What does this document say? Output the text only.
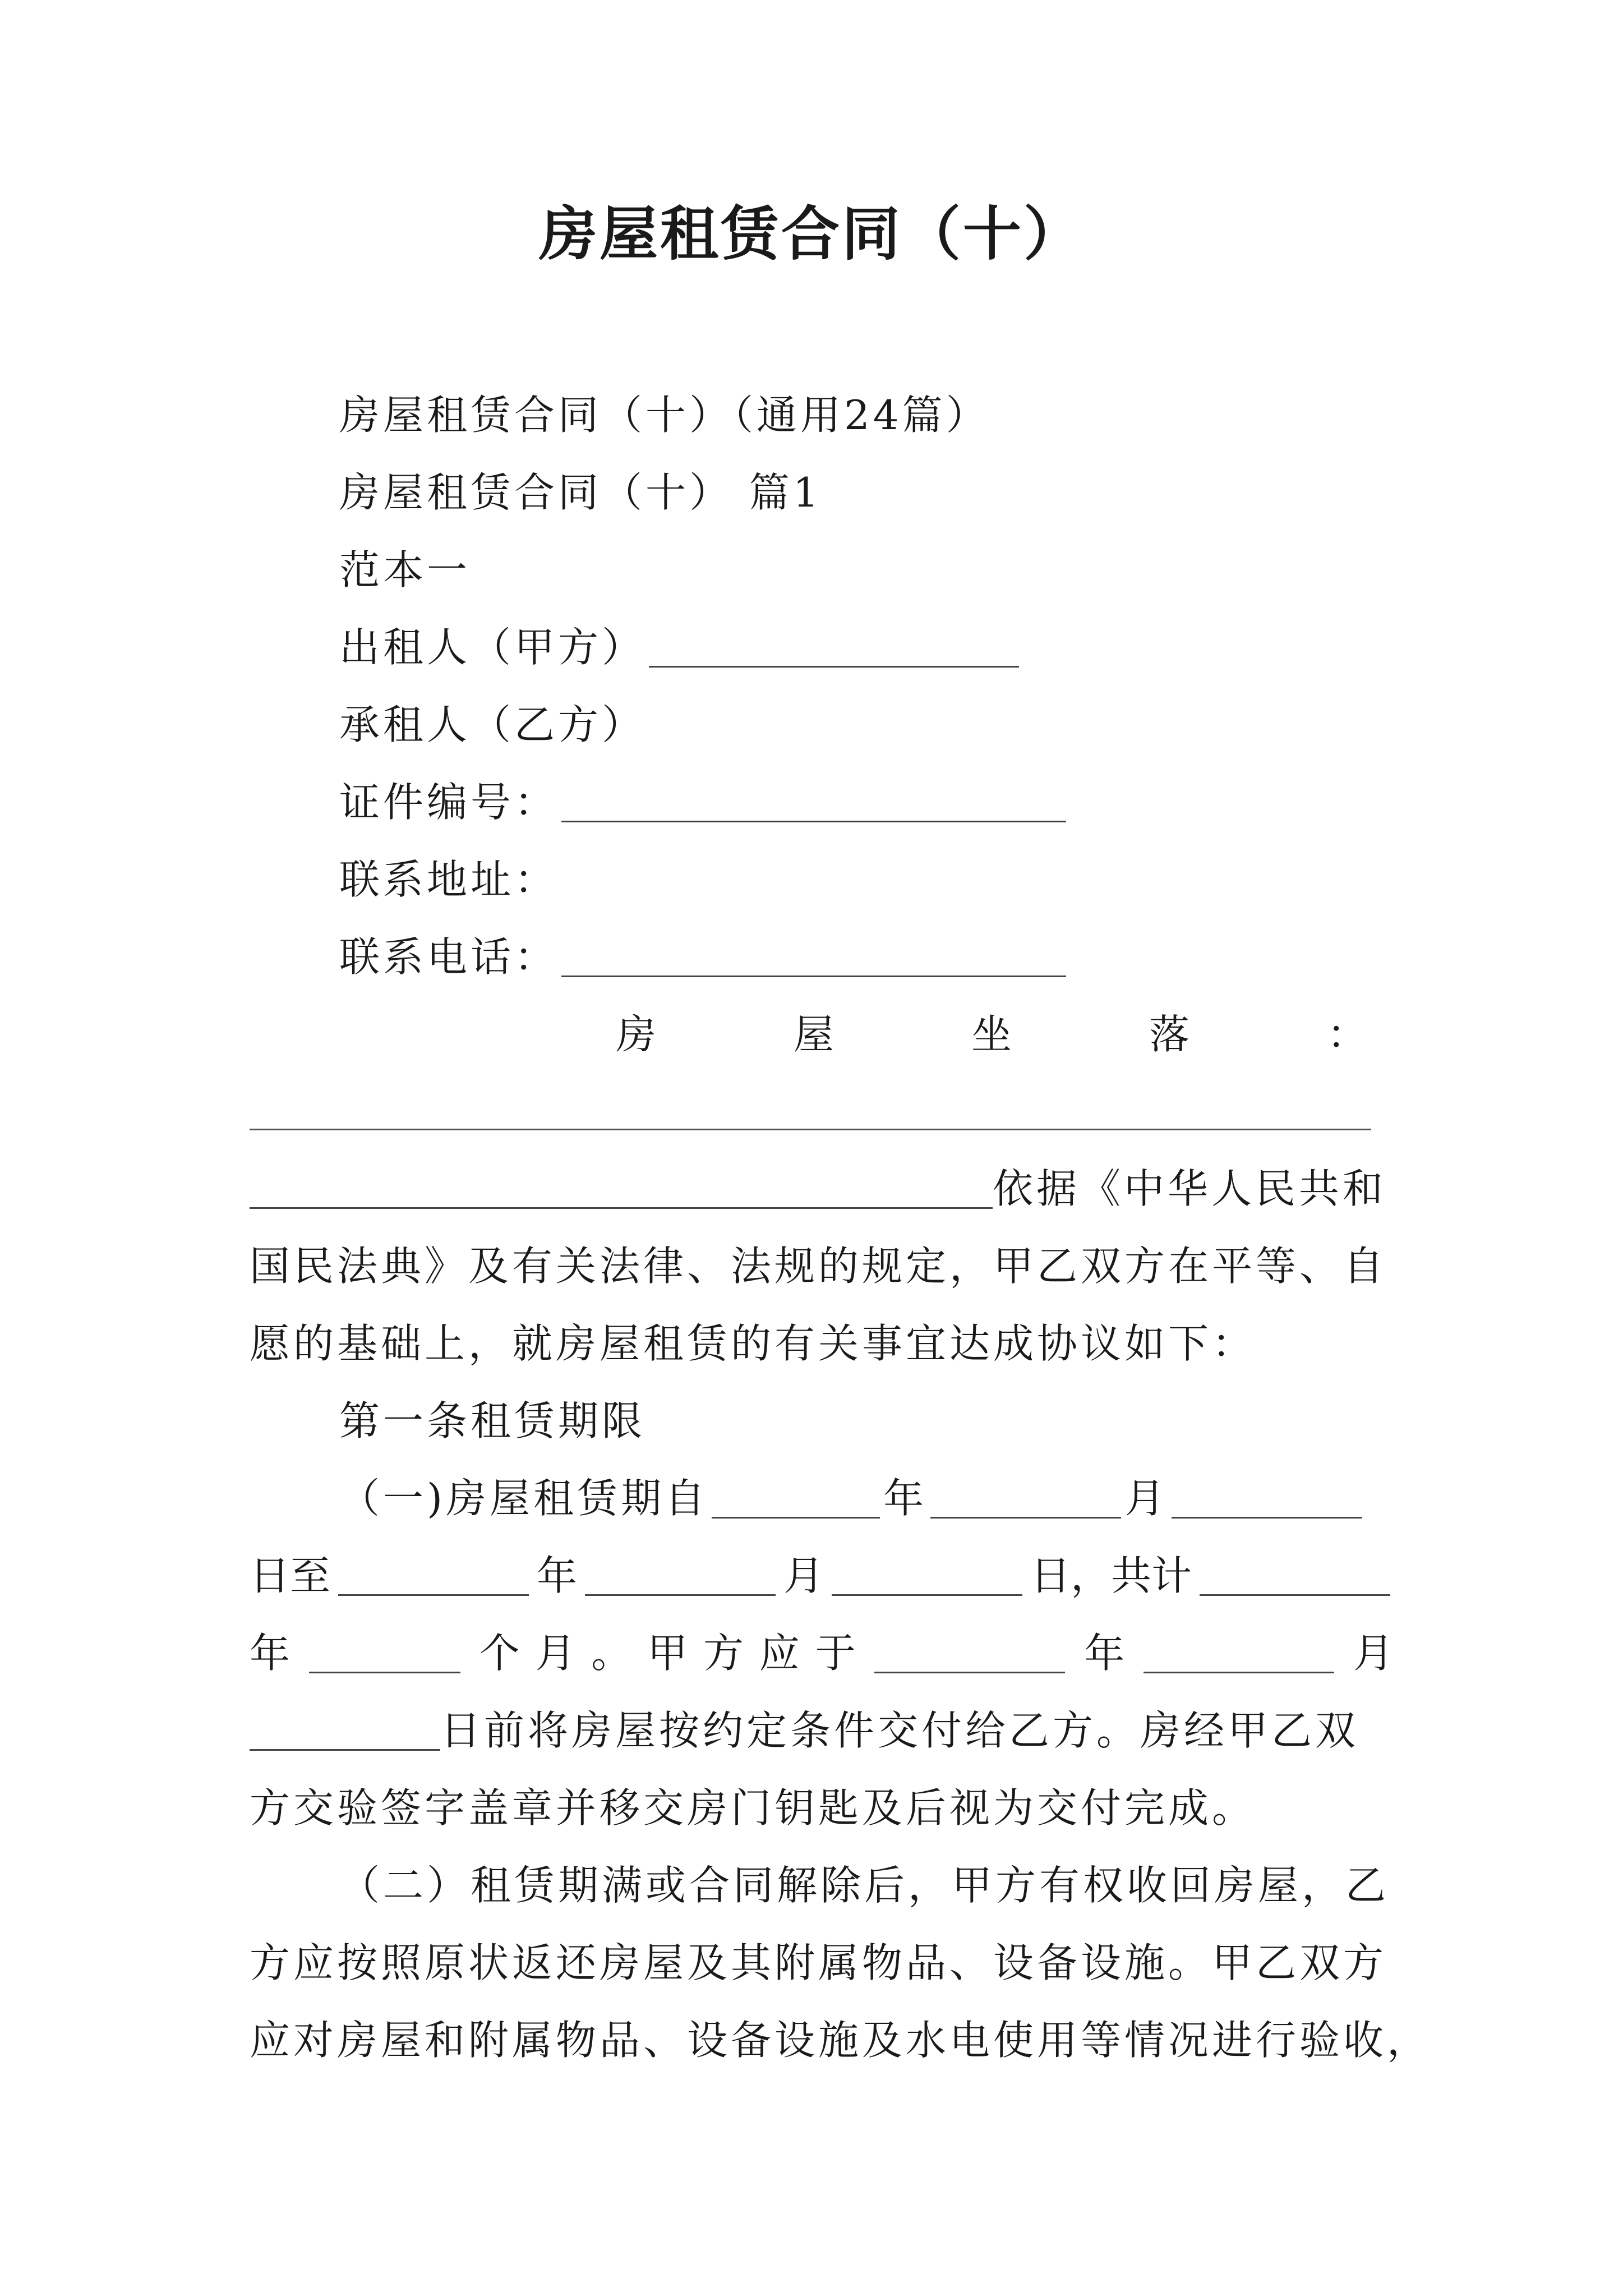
房屋租赁合同（十）
房屋租赁合同（十）（通用24篇）
房屋租赁合同（十） 篇1
范本一
出租人（甲方）
承租人（乙方）
证件编号：
联系地址：
联系电话：
房	屋	坐	落	：
依据《中华人民共和
国民法典》及有关法律、法规的规定，甲乙双方在平等、自
愿的基础上，就房屋租赁的有关事宜达成协议如下：
第一条租赁期限
（一)房屋租赁期自	年	月
日至	年	月	日，共计
年	个 月 。 甲 方 应 于	年	月
日前将房屋按约定条件交付给乙方。房经甲乙双
方交验签字盖章并移交房门钥匙及后视为交付完成。
（二）租赁期满或合同解除后，甲方有权收回房屋，乙
方应按照原状返还房屋及其附属物品、设备设施。甲乙双方
应对房屋和附属物品、设备设施及水电使用等情况进行验收，
